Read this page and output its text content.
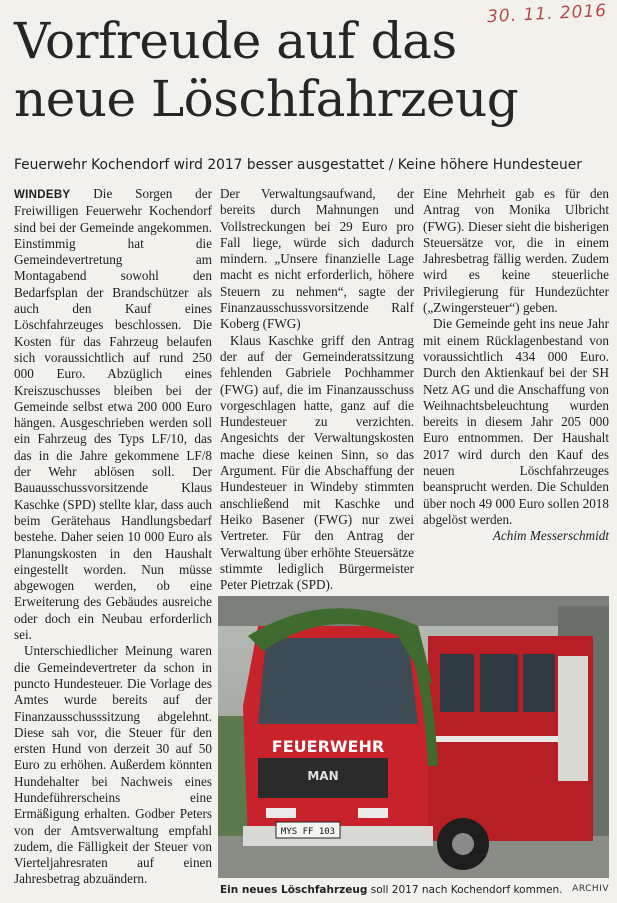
30. 11. 2016
Vorfreude auf das
neue Löschfahrzeug
Feuerwehr Kochendorf wird 2017 besser ausgestattet / Keine höhere Hundesteuer

WINDEBY Die Sorgen der Freiwilligen Feuerwehr Kochendorf sind bei der Gemeinde angekommen. Einstimmig hat die Gemeindevertretung am Montagabend sowohl den Bedarfsplan der Brandschützer als auch den Kauf eines Löschfahrzeuges beschlossen. Die Kosten für das Fahrzeug belaufen sich voraussichtlich auf rund 250 000 Euro. Abzüglich eines Kreiszuschusses bleiben bei der Gemeinde selbst etwa 200 000 Euro hängen. Ausgeschrieben werden soll ein Fahrzeug des Typs LF/10, das das in die Jahre gekommene LF/8 der Wehr ablösen soll. Der Bauausschussvorsitzende Klaus Kaschke (SPD) stellte klar, dass auch beim Gerätehaus Handlungsbedarf bestehe. Daher seien 10 000 Euro als Planungskosten in den Haushalt eingestellt worden. Nun müsse abgewogen werden, ob eine Erweiterung des Gebäudes ausreiche oder doch ein Neubau erforderlich sei.

Unterschiedlicher Meinung waren die Gemeindevertreter da schon in puncto Hundesteuer. Die Vorlage des Amtes wurde bereits auf der Finanzausschusssitzung abgelehnt. Diese sah vor, die Steuer für den ersten Hund von derzeit 30 auf 50 Euro zu erhöhen. Außerdem könnten Hundehalter bei Nachweis eines Hundeführerscheins eine Ermäßigung erhalten. Godber Peters von der Amtsverwaltung empfahl zudem, die Fälligkeit der Steuer von Vierteljahresraten auf einen Jahresbetrag abzuändern.

Der Verwaltungsaufwand, der bereits durch Mahnungen und Vollstreckungen bei 29 Euro pro Fall liege, würde sich dadurch mindern. „Unsere finanzielle Lage macht es nicht erforderlich, höhere Steuern zu nehmen“, sagte der Finanzausschussvorsitzende Ralf Koberg (FWG)

Klaus Kaschke griff den Antrag der auf der Gemeinderatssitzung fehlenden Gabriele Pochhammer (FWG) auf, die im Finanzausschuss vorgeschlagen hatte, ganz auf die Hundesteuer zu verzichten. Angesichts der Verwaltungskosten mache diese keinen Sinn, so das Argument. Für die Abschaffung der Hundesteuer in Windeby stimmten anschließend mit Kaschke und Heiko Basener (FWG) nur zwei Vertreter. Für den Antrag der Verwaltung über erhöhte Steuersätze stimmte lediglich Bürgermeister Peter Pietrzak (SPD).

Eine Mehrheit gab es für den Antrag von Monika Ulbricht (FWG). Dieser sieht die bisherigen Steuersätze vor, die in einem Jahresbetrag fällig werden. Zudem wird es keine steuerliche Privilegierung für Hundezüchter („Zwingersteuer“) geben.

Die Gemeinde geht ins neue Jahr mit einem Rücklagenbestand von voraussichtlich 434 000 Euro. Durch den Aktienkauf bei der SH Netz AG und die Anschaffung von Weihnachtsbeleuchtung wurden bereits in diesem Jahr 205 000 Euro entnommen. Der Haushalt 2017 wird durch den Kauf des neuen Löschfahrzeuges beansprucht werden. Die Schulden über noch 49 000 Euro sollen 2018 abgelöst werden.

Achim Messerschmidt

FEUERWEHR
MAN
MYS FF 103
Ein neues Löschfahrzeug soll 2017 nach Kochendorf kommen.	ARCHIV
